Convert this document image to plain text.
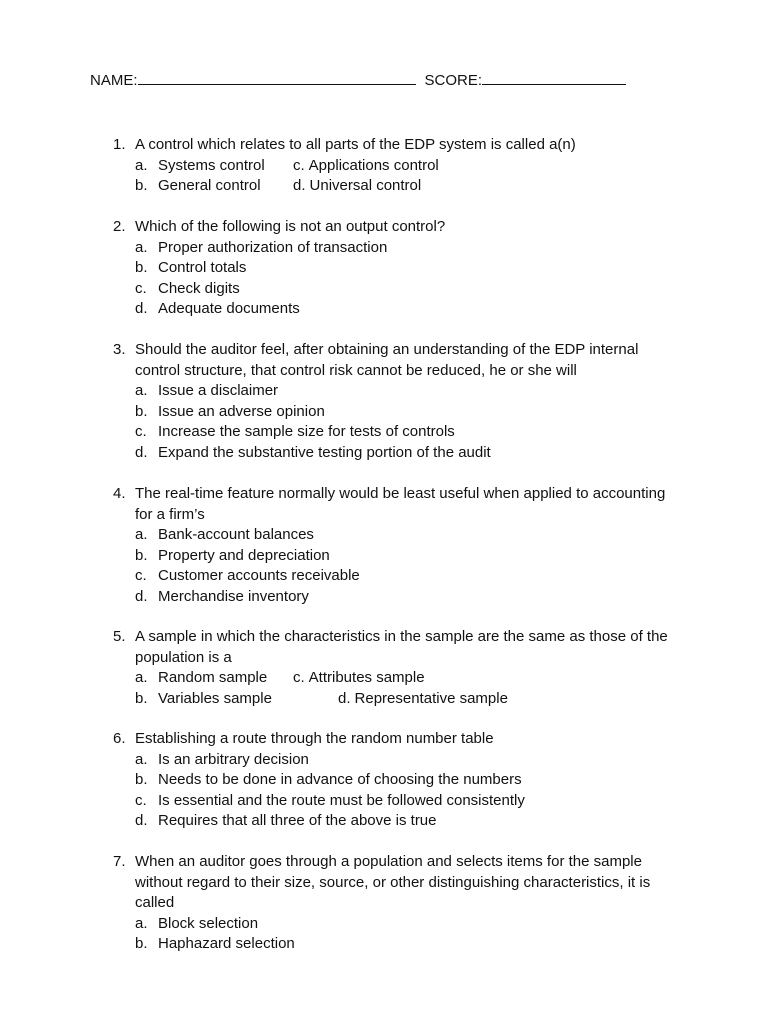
NAME:	SCORE:
1. A control which relates to all parts of the EDP system is called a(n)
a. Systems control c. Applications control
b. General control d. Universal control
2. Which of the following is not an output control?
a. Proper authorization of transaction
b. Control totals
c. Check digits
d. Adequate documents
3. Should the auditor feel, after obtaining an understanding of the EDP internal
control structure, that control risk cannot be reduced, he or she will
a. Issue a disclaimer
b. Issue an adverse opinion
c. Increase the sample size for tests of controls
d. Expand the substantive testing portion of the audit
4. The real-time feature normally would be least useful when applied to accounting
for a firm’s
a. Bank-account balances
b. Property and depreciation
c. Customer accounts receivable
d. Merchandise inventory
5. A sample in which the characteristics in the sample are the same as those of the
population is a
a. Random sample c. Attributes sample
b. Variables sample	d. Representative sample
6. Establishing a route through the random number table
a. Is an arbitrary decision
b. Needs to be done in advance of choosing the numbers
c. Is essential and the route must be followed consistently
d. Requires that all three of the above is true
7. When an auditor goes through a population and selects items for the sample
without regard to their size, source, or other distinguishing characteristics, it is
called
a. Block selection
b. Haphazard selection
